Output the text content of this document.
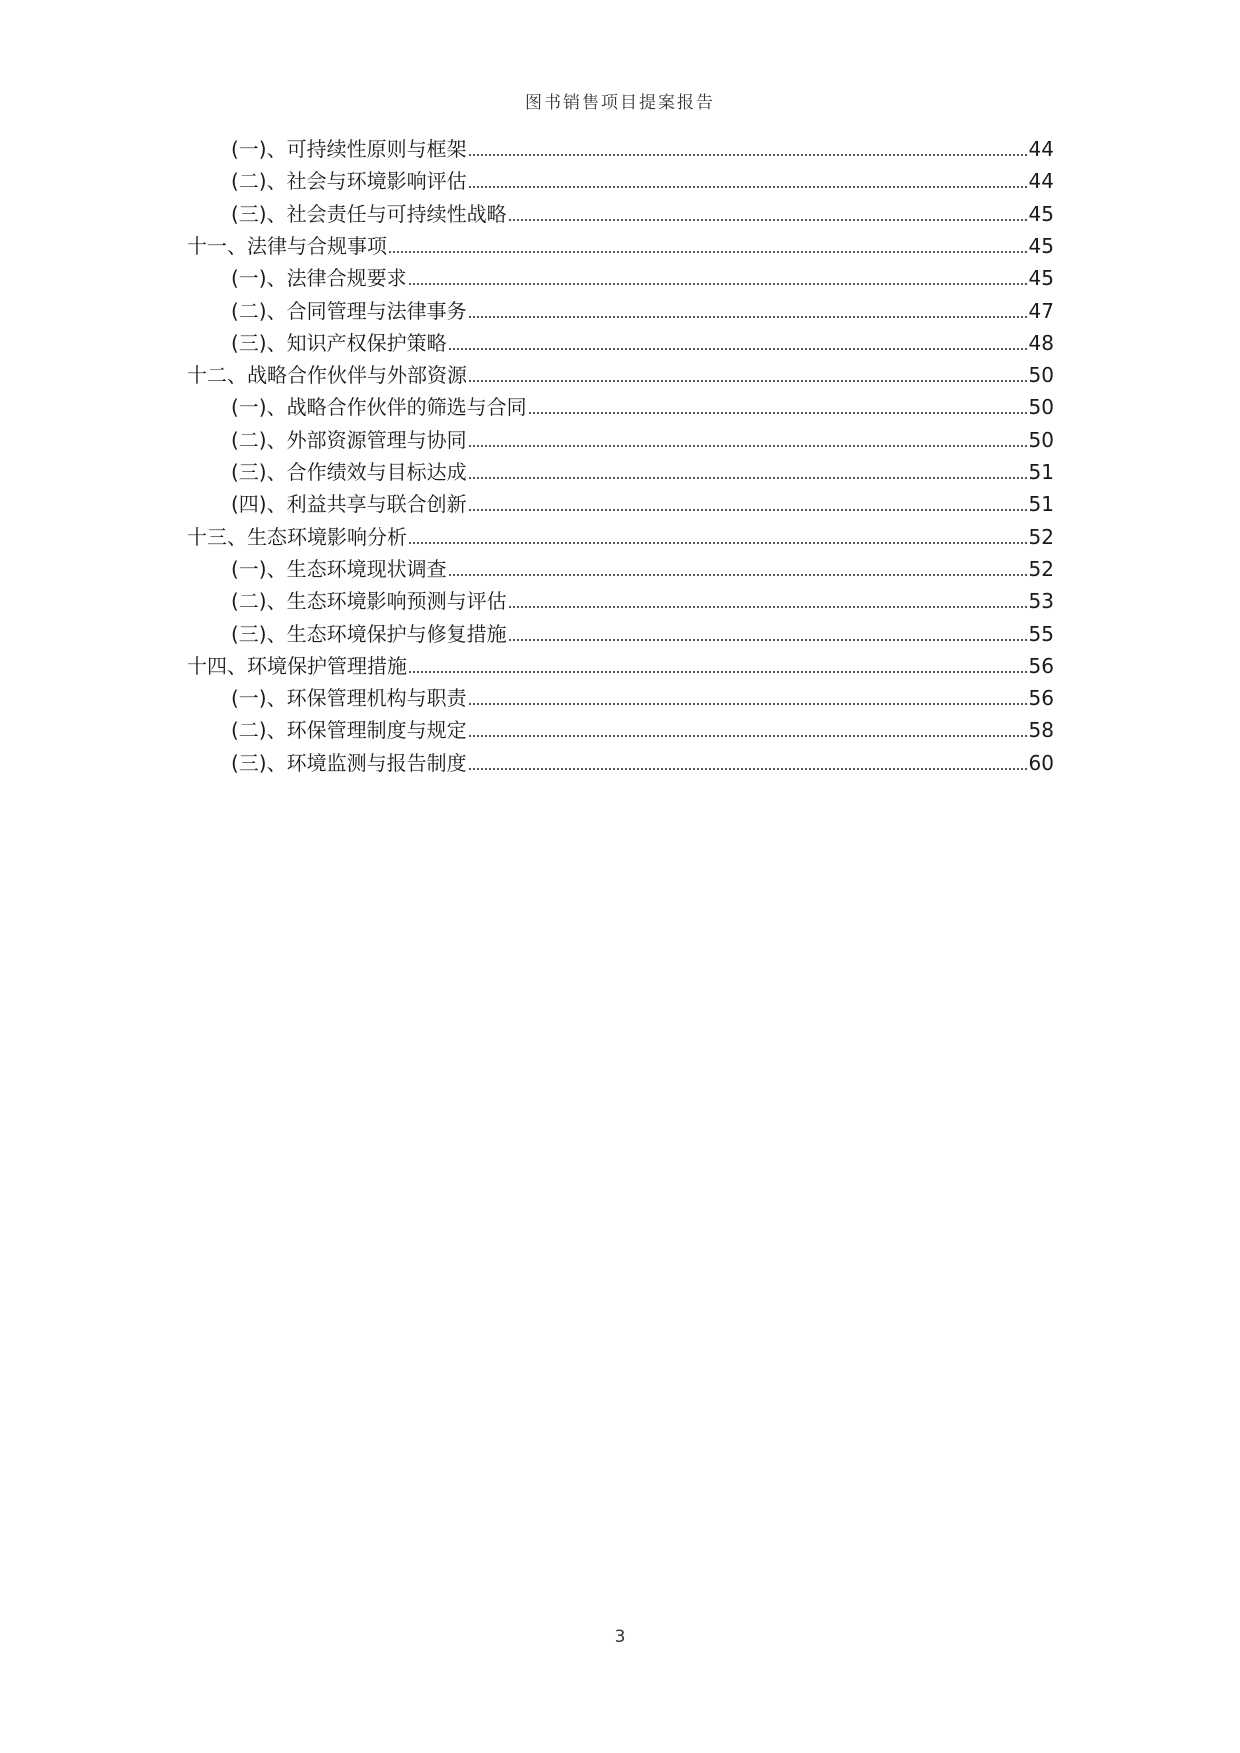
图书销售项目提案报告
(一)、可持续性原则与框架	44
(二)、社会与环境影响评估	44
(三)、社会责任与可持续性战略	45
十一、法律与合规事项	45
(一)、法律合规要求	45
(二)、合同管理与法律事务	47
(三)、知识产权保护策略	48
十二、战略合作伙伴与外部资源	50
(一)、战略合作伙伴的筛选与合同	50
(二)、外部资源管理与协同	50
(三)、合作绩效与目标达成	51
(四)、利益共享与联合创新	51
十三、生态环境影响分析	52
(一)、生态环境现状调查	52
(二)、生态环境影响预测与评估	53
(三)、生态环境保护与修复措施	55
十四、环境保护管理措施	56
(一)、环保管理机构与职责	56
(二)、环保管理制度与规定	58
(三)、环境监测与报告制度	60
3
